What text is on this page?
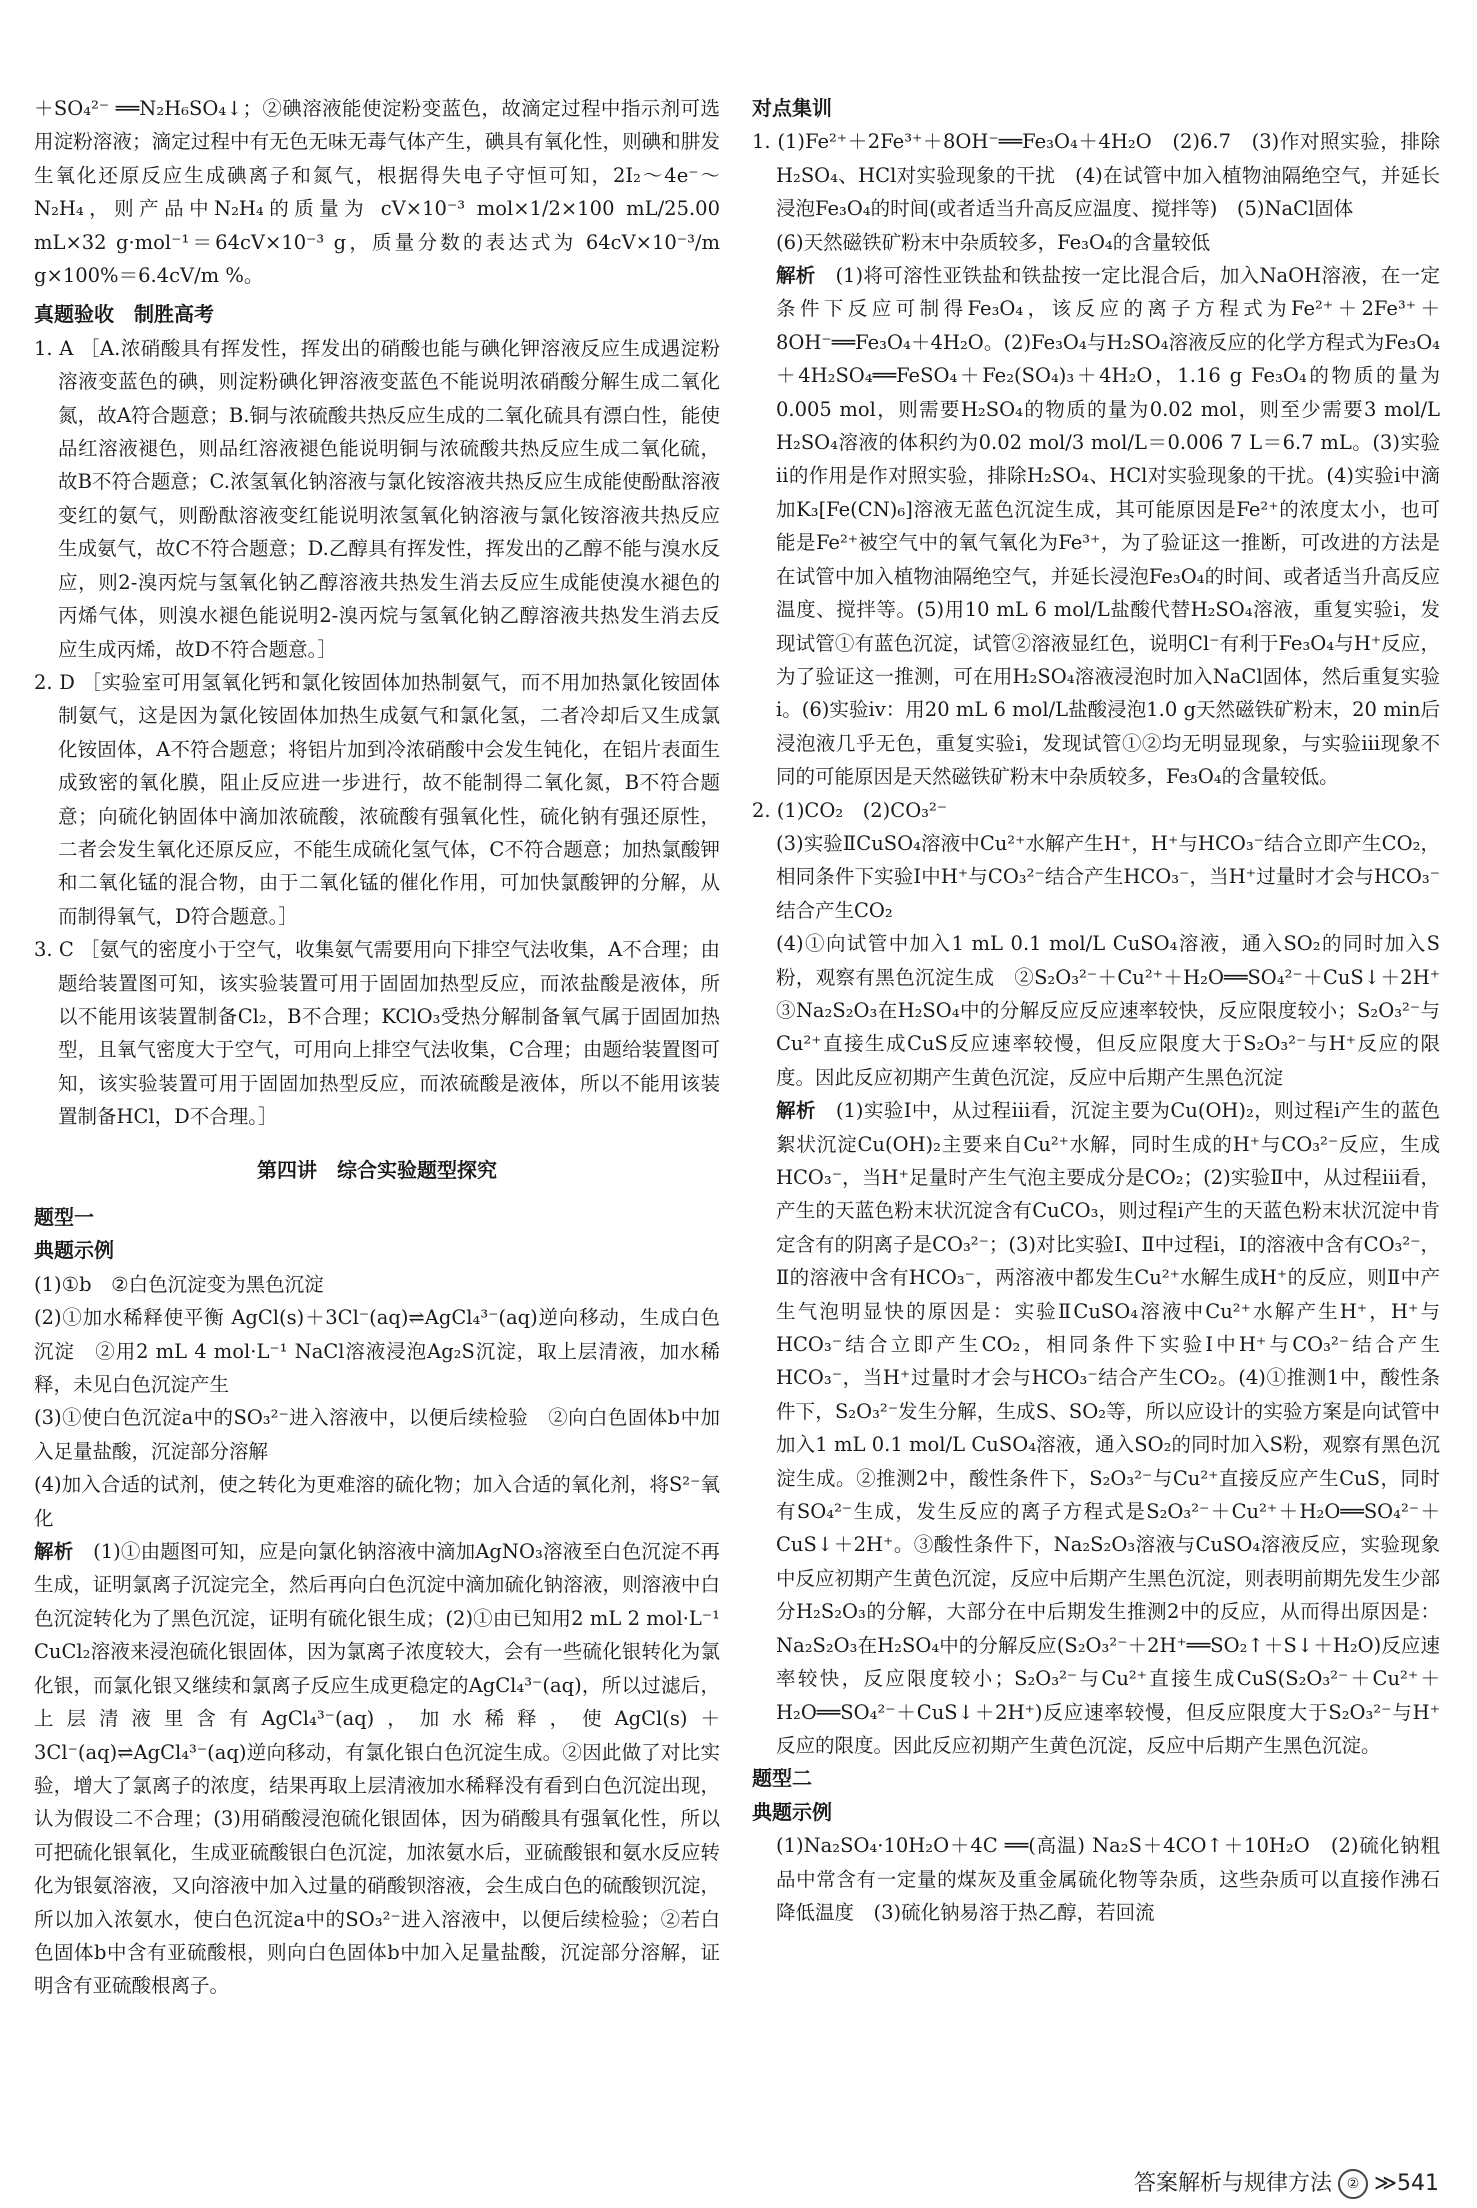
＋SO₄²⁻ ══N₂H₆SO₄↓；②碘溶液能使淀粉变蓝色，故滴定过程中指示剂可选用淀粉溶液；滴定过程中有无色无味无毒气体产生，碘具有氧化性，则碘和肼发生氧化还原反应生成碘离子和氮气，根据得失电子守恒可知，2I₂～4e⁻～N₂H₄，则产品中N₂H₄的质量为 cV×10⁻³ mol×1/2×100 mL/25.00 mL×32 g·mol⁻¹＝64cV×10⁻³ g，质量分数的表达式为 64cV×10⁻³/m g×100%＝6.4cV/m %。

真题验收　制胜高考

1. A ［A.浓硝酸具有挥发性，挥发出的硝酸也能与碘化钾溶液反应生成遇淀粉溶液变蓝色的碘，则淀粉碘化钾溶液变蓝色不能说明浓硝酸分解生成二氧化氮，故A符合题意；B.铜与浓硫酸共热反应生成的二氧化硫具有漂白性，能使品红溶液褪色，则品红溶液褪色能说明铜与浓硫酸共热反应生成二氧化硫，故B不符合题意；C.浓氢氧化钠溶液与氯化铵溶液共热反应生成能使酚酞溶液变红的氨气，则酚酞溶液变红能说明浓氢氧化钠溶液与氯化铵溶液共热反应生成氨气，故C不符合题意；D.乙醇具有挥发性，挥发出的乙醇不能与溴水反应，则2-溴丙烷与氢氧化钠乙醇溶液共热发生消去反应生成能使溴水褪色的丙烯气体，则溴水褪色能说明2-溴丙烷与氢氧化钠乙醇溶液共热发生消去反应生成丙烯，故D不符合题意。］

2. D ［实验室可用氢氧化钙和氯化铵固体加热制氨气，而不用加热氯化铵固体制氨气，这是因为氯化铵固体加热生成氨气和氯化氢，二者冷却后又生成氯化铵固体，A不符合题意；将铝片加到冷浓硝酸中会发生钝化，在铝片表面生成致密的氧化膜，阻止反应进一步进行，故不能制得二氧化氮，B不符合题意；向硫化钠固体中滴加浓硫酸，浓硫酸有强氧化性，硫化钠有强还原性，二者会发生氧化还原反应，不能生成硫化氢气体，C不符合题意；加热氯酸钾和二氧化锰的混合物，由于二氧化锰的催化作用，可加快氯酸钾的分解，从而制得氧气，D符合题意。］

3. C ［氨气的密度小于空气，收集氨气需要用向下排空气法收集，A不合理；由题给装置图可知，该实验装置可用于固固加热型反应，而浓盐酸是液体，所以不能用该装置制备Cl₂，B不合理；KClO₃受热分解制备氧气属于固固加热型，且氧气密度大于空气，可用向上排空气法收集，C合理；由题给装置图可知，该实验装置可用于固固加热型反应，而浓硫酸是液体，所以不能用该装置制备HCl，D不合理。］

第四讲　综合实验题型探究

题型一

典题示例

(1)①b　②白色沉淀变为黑色沉淀

(2)①加水稀释使平衡 AgCl(s)＋3Cl⁻(aq)⇌AgCl₄³⁻(aq)逆向移动，生成白色沉淀　②用2 mL 4 mol·L⁻¹ NaCl溶液浸泡Ag₂S沉淀，取上层清液，加水稀释，未见白色沉淀产生

(3)①使白色沉淀a中的SO₃²⁻进入溶液中，以便后续检验　②向白色固体b中加入足量盐酸，沉淀部分溶解

(4)加入合适的试剂，使之转化为更难溶的硫化物；加入合适的氧化剂，将S²⁻氧化

解析　 (1)①由题图可知，应是向氯化钠溶液中滴加AgNO₃溶液至白色沉淀不再生成，证明氯离子沉淀完全，然后再向白色沉淀中滴加硫化钠溶液，则溶液中白色沉淀转化为了黑色沉淀，证明有硫化银生成；(2)①由已知用2 mL 2 mol·L⁻¹ CuCl₂溶液来浸泡硫化银固体，因为氯离子浓度较大，会有一些硫化银转化为氯化银，而氯化银又继续和氯离子反应生成更稳定的AgCl₄³⁻(aq)，所以过滤后，上层清液里含有AgCl₄³⁻(aq)，加水稀释，使AgCl(s)＋3Cl⁻(aq)⇌AgCl₄³⁻(aq)逆向移动，有氯化银白色沉淀生成。②因此做了对比实验，增大了氯离子的浓度，结果再取上层清液加水稀释没有看到白色沉淀出现，认为假设二不合理；(3)用硝酸浸泡硫化银固体，因为硝酸具有强氧化性，所以可把硫化银氧化，生成亚硫酸银白色沉淀，加浓氨水后，亚硫酸银和氨水反应转化为银氨溶液，又向溶液中加入过量的硝酸钡溶液，会生成白色的硫酸钡沉淀，所以加入浓氨水，使白色沉淀a中的SO₃²⁻进入溶液中，以便后续检验；②若白色固体b中含有亚硫酸根，则向白色固体b中加入足量盐酸，沉淀部分溶解，证明含有亚硫酸根离子。

对点集训

1. (1)Fe²⁺＋2Fe³⁺＋8OH⁻══Fe₃O₄＋4H₂O　(2)6.7　(3)作对照实验，排除H₂SO₄、HCl对实验现象的干扰　(4)在试管中加入植物油隔绝空气，并延长浸泡Fe₃O₄的时间(或者适当升高反应温度、搅拌等)　(5)NaCl固体

(6)天然磁铁矿粉末中杂质较多，Fe₃O₄的含量较低

解析　 (1)将可溶性亚铁盐和铁盐按一定比混合后，加入NaOH溶液，在一定条件下反应可制得Fe₃O₄，该反应的离子方程式为Fe²⁺＋2Fe³⁺＋8OH⁻══Fe₃O₄＋4H₂O。(2)Fe₃O₄与H₂SO₄溶液反应的化学方程式为Fe₃O₄＋4H₂SO₄══FeSO₄＋Fe₂(SO₄)₃＋4H₂O，1.16 g Fe₃O₄的物质的量为0.005 mol，则需要H₂SO₄的物质的量为0.02 mol，则至少需要3 mol/L H₂SO₄溶液的体积约为0.02 mol/3 mol/L＝0.006 7 L＝6.7 mL。(3)实验ii的作用是作对照实验，排除H₂SO₄、HCl对实验现象的干扰。(4)实验i中滴加K₃[Fe(CN)₆]溶液无蓝色沉淀生成，其可能原因是Fe²⁺的浓度太小，也可能是Fe²⁺被空气中的氧气氧化为Fe³⁺，为了验证这一推断，可改进的方法是在试管中加入植物油隔绝空气，并延长浸泡Fe₃O₄的时间、或者适当升高反应温度、搅拌等。(5)用10 mL 6 mol/L盐酸代替H₂SO₄溶液，重复实验i，发现试管①有蓝色沉淀，试管②溶液显红色，说明Cl⁻有利于Fe₃O₄与H⁺反应，为了验证这一推测，可在用H₂SO₄溶液浸泡时加入NaCl固体，然后重复实验i。(6)实验iv：用20 mL 6 mol/L盐酸浸泡1.0 g天然磁铁矿粉末，20 min后浸泡液几乎无色，重复实验i，发现试管①②均无明显现象，与实验iii现象不同的可能原因是天然磁铁矿粉末中杂质较多，Fe₃O₄的含量较低。

2. (1)CO₂　(2)CO₃²⁻

(3)实验ⅡCuSO₄溶液中Cu²⁺水解产生H⁺，H⁺与HCO₃⁻结合立即产生CO₂，相同条件下实验Ⅰ中H⁺与CO₃²⁻结合产生HCO₃⁻，当H⁺过量时才会与HCO₃⁻结合产生CO₂

(4)①向试管中加入1 mL 0.1 mol/L CuSO₄溶液，通入SO₂的同时加入S粉，观察有黑色沉淀生成　②S₂O₃²⁻＋Cu²⁺＋H₂O══SO₄²⁻＋CuS↓＋2H⁺　③Na₂S₂O₃在H₂SO₄中的分解反应反应速率较快，反应限度较小；S₂O₃²⁻与Cu²⁺直接生成CuS反应速率较慢，但反应限度大于S₂O₃²⁻与H⁺反应的限度。因此反应初期产生黄色沉淀，反应中后期产生黑色沉淀

解析　 (1)实验Ⅰ中，从过程iii看，沉淀主要为Cu(OH)₂，则过程i产生的蓝色絮状沉淀Cu(OH)₂主要来自Cu²⁺水解，同时生成的H⁺与CO₃²⁻反应，生成HCO₃⁻，当H⁺足量时产生气泡主要成分是CO₂；(2)实验Ⅱ中，从过程iii看，产生的天蓝色粉末状沉淀含有CuCO₃，则过程i产生的天蓝色粉末状沉淀中肯定含有的阴离子是CO₃²⁻；(3)对比实验Ⅰ、Ⅱ中过程i，Ⅰ的溶液中含有CO₃²⁻，Ⅱ的溶液中含有HCO₃⁻，两溶液中都发生Cu²⁺水解生成H⁺的反应，则Ⅱ中产生气泡明显快的原因是：实验ⅡCuSO₄溶液中Cu²⁺水解产生H⁺，H⁺与HCO₃⁻结合立即产生CO₂，相同条件下实验Ⅰ中H⁺与CO₃²⁻结合产生HCO₃⁻，当H⁺过量时才会与HCO₃⁻结合产生CO₂。(4)①推测1中，酸性条件下，S₂O₃²⁻发生分解，生成S、SO₂等，所以应设计的实验方案是向试管中加入1 mL 0.1 mol/L CuSO₄溶液，通入SO₂的同时加入S粉，观察有黑色沉淀生成。②推测2中，酸性条件下，S₂O₃²⁻与Cu²⁺直接反应产生CuS，同时有SO₄²⁻生成，发生反应的离子方程式是S₂O₃²⁻＋Cu²⁺＋H₂O══SO₄²⁻＋CuS↓＋2H⁺。③酸性条件下，Na₂S₂O₃溶液与CuSO₄溶液反应，实验现象中反应初期产生黄色沉淀，反应中后期产生黑色沉淀，则表明前期先发生少部分H₂S₂O₃的分解，大部分在中后期发生推测2中的反应，从而得出原因是：Na₂S₂O₃在H₂SO₄中的分解反应(S₂O₃²⁻＋2H⁺══SO₂↑＋S↓＋H₂O)反应速率较快，反应限度较小；S₂O₃²⁻与Cu²⁺直接生成CuS(S₂O₃²⁻＋Cu²⁺＋H₂O══SO₄²⁻＋CuS↓＋2H⁺)反应速率较慢，但反应限度大于S₂O₃²⁻与H⁺反应的限度。因此反应初期产生黄色沉淀，反应中后期产生黑色沉淀。

题型二

典题示例

(1)Na₂SO₄·10H₂O＋4C ══(高温) Na₂S＋4CO↑＋10H₂O　(2)硫化钠粗品中常含有一定量的煤灰及重金属硫化物等杂质，这些杂质可以直接作沸石　降低温度　(3)硫化钠易溶于热乙醇，若回流

答案解析与规律方法 ② ≫541
